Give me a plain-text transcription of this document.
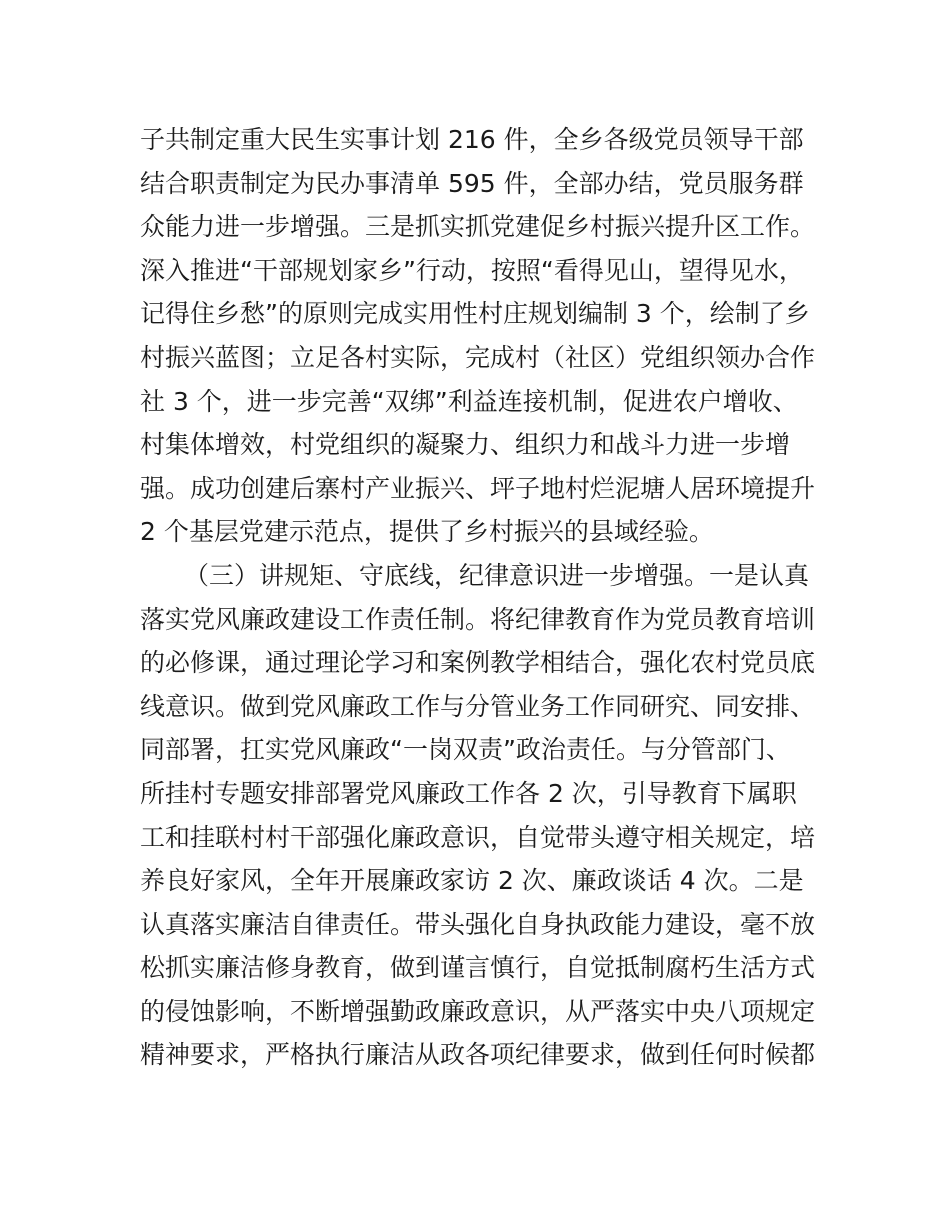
子共制定重大民生实事计划 216 件，全乡各级党员领导干部
结合职责制定为民办事清单 595 件，全部办结，党员服务群
众能力进一步增强。三是抓实抓党建促乡村振兴提升区工作。
深入推进“干部规划家乡”行动，按照“看得见山，望得见水，
记得住乡愁”的原则完成实用性村庄规划编制 3 个，绘制了乡
村振兴蓝图；立足各村实际，完成村（社区）党组织领办合作
社 3 个，进一步完善“双绑”利益连接机制，促进农户增收、
村集体增效，村党组织的凝聚力、组织力和战斗力进一步增
强。成功创建后寨村产业振兴、坪子地村烂泥塘人居环境提升
2 个基层党建示范点，提供了乡村振兴的县域经验。
（三）讲规矩、守底线，纪律意识进一步增强。一是认真
落实党风廉政建设工作责任制。将纪律教育作为党员教育培训
的必修课，通过理论学习和案例教学相结合，强化农村党员底
线意识。做到党风廉政工作与分管业务工作同研究、同安排、
同部署，扛实党风廉政“一岗双责”政治责任。与分管部门、
所挂村专题安排部署党风廉政工作各 2 次，引导教育下属职
工和挂联村村干部强化廉政意识，自觉带头遵守相关规定，培
养良好家风，全年开展廉政家访 2 次、廉政谈话 4 次。二是
认真落实廉洁自律责任。带头强化自身执政能力建设，毫不放
松抓实廉洁修身教育，做到谨言慎行，自觉抵制腐朽生活方式
的侵蚀影响，不断增强勤政廉政意识，从严落实中央八项规定
精神要求，严格执行廉洁从政各项纪律要求，做到任何时候都
